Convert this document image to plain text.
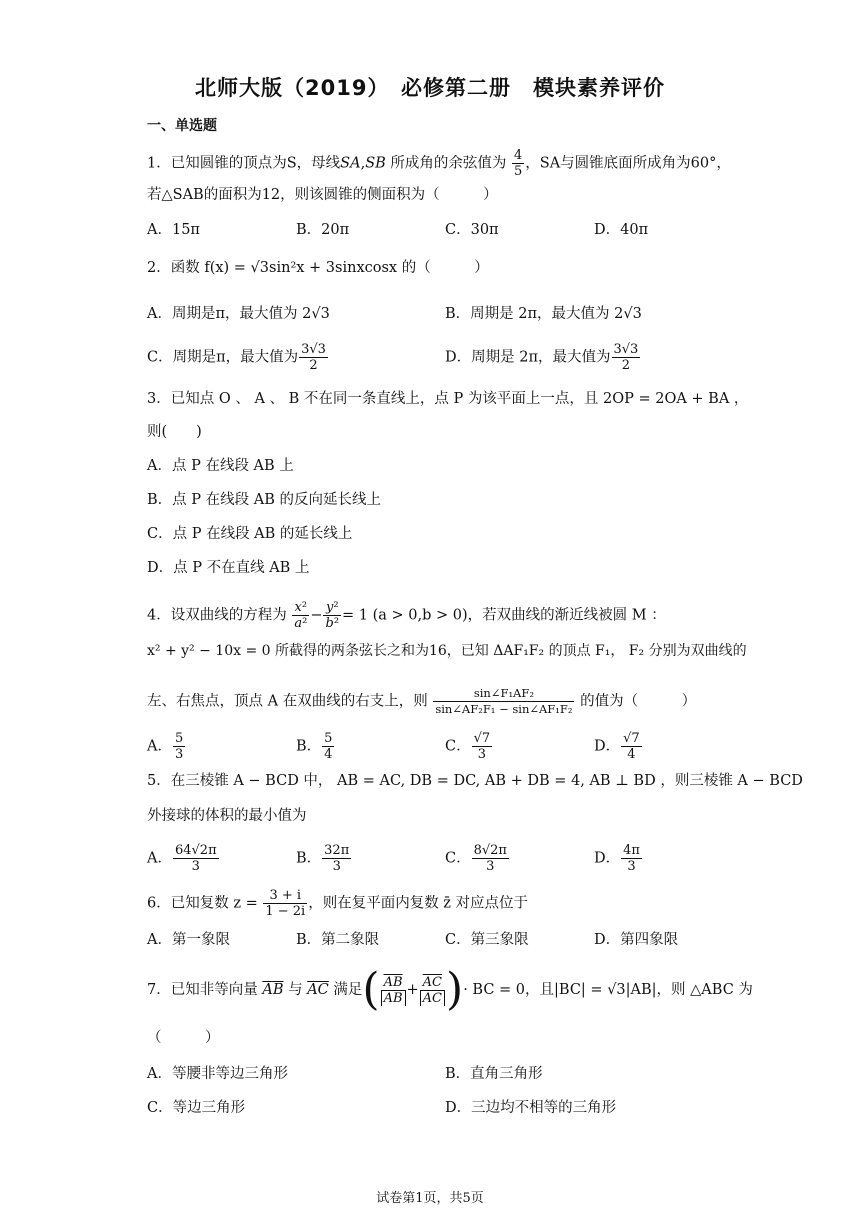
北师大版（2019）　必修第二册　模块素养评价
一、单选题
1．已知圆锥的顶点为S，母线SA,SB 所成角的余弦值为 $\frac{4}{5}$ ，SA与圆锥底面所成角为60°，
若△SAB的面积为12，则该圆锥的侧面积为（　　　）
A．15π	B．20π	C．30π	D．40π
2．函数 f(x) = √3sin²x + 3sinxcosx 的（　　　）
A．周期是π，最大值为 2√3	B．周期是 2π，最大值为 2√3
C．周期是π，最大值为 $\frac{3√3}{2}$	D．周期是 2π，最大值为 $\frac{3√3}{2}$
3．已知点 O 、 A 、 B 不在同一条直线上，点 P 为该平面上一点，且 2OP = 2OA + BA ，
则(　　)
A．点 P 在线段 AB 上
B．点 P 在线段 AB 的反向延长线上
C．点 P 在线段 AB 的延长线上
D．点 P 不在直线 AB 上
4．设双曲线的方程为 $\frac{\text{x²}}{\text{a²}} - \frac{\text{y²}}{\text{b²}} = 1$ (a > 0,b > 0)，若双曲线的渐近线被圆 M ：
x² + y² − 10x = 0 所截得的两条弦长之和为16，已知 ΔAF₁F₂ 的顶点 F₁， F₂ 分别为双曲线的
左、右焦点，顶点 A 在双曲线的右支上，则 $\frac{\text{sin∠F₁AF₂}}{\text{sin∠AF₂F₁ − sin∠AF₁F₂}}$ 的值为（　　　）
A． $\frac{5}{3}$	B． $\frac{5}{4}$	C． $\frac{√7}{3}$	D． $\frac{√7}{4}$
5．在三棱锥 A − BCD 中， AB = AC, DB = DC, AB + DB = 4, AB ⊥ BD ，则三棱锥 A − BCD
外接球的体积的最小值为
A． $\frac{64√2\pi}{3}$	B． $\frac{32\pi}{3}$	C． $\frac{8√2\pi}{3}$	D． $\frac{4\pi}{3}$
6．已知复数 $z = \frac{3 + i}{1 - 2i}$ ，则在复平面内复数 z̄ 对应点位于
A．第一象限	B．第二象限	C．第三象限	D．第四象限
7．已知非等向量 $\overline{AB}$ 与 $\overline{AC}$ 满足( $\frac{\overline{AB}}{AB} + \frac{\overline{AC}}{AC}$ )· BC = 0，且|BC| = √3|AB|，则 △ABC 为
（　　　）
A．等腰非等边三角形	B．直角三角形
C．等边三角形	D．三边均不相等的三角形
试卷第1页，共5页
